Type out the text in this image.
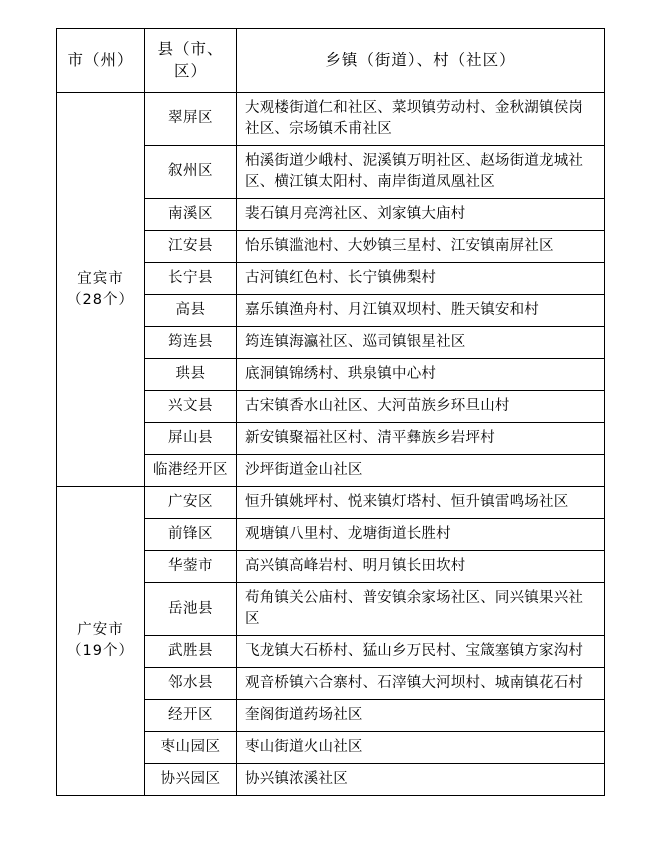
市（州）	县（市、区）	乡镇（街道）、村（社区）

宜宾市
（28个）	翠屏区	大观楼街道仁和社区、菜坝镇劳动村、金秋湖镇侯岗社区、宗场镇禾甫社区
	叙州区	柏溪街道少峨村、泥溪镇万明社区、赵场街道龙城社区、横江镇太阳村、南岸街道凤凰社区
	南溪区	裴石镇月亮湾社区、刘家镇大庙村
	江安县	怡乐镇滥池村、大妙镇三星村、江安镇南屏社区
	长宁县	古河镇红色村、长宁镇佛梨村
	高县	嘉乐镇渔舟村、月江镇双坝村、胜天镇安和村
	筠连县	筠连镇海瀛社区、巡司镇银星社区
	珙县	底洞镇锦绣村、珙泉镇中心村
	兴文县	古宋镇香水山社区、大河苗族乡环旦山村
	屏山县	新安镇聚福社区村、清平彝族乡岩坪村
	临港经开区	沙坪街道金山社区

广安市
（19个）	广安区	恒升镇姚坪村、悦来镇灯塔村、恒升镇雷鸣场社区
	前锋区	观塘镇八里村、龙塘街道长胜村
	华蓥市	高兴镇高峰岩村、明月镇长田坎村
	岳池县	苟角镇关公庙村、普安镇余家场社区、同兴镇果兴社区
	武胜县	飞龙镇大石桥村、猛山乡万民村、宝箴塞镇方家沟村
	邻水县	观音桥镇六合寨村、石滓镇大河坝村、城南镇花石村
	经开区	奎阁街道药场社区
	枣山园区	枣山街道火山社区
	协兴园区	协兴镇浓溪社区
